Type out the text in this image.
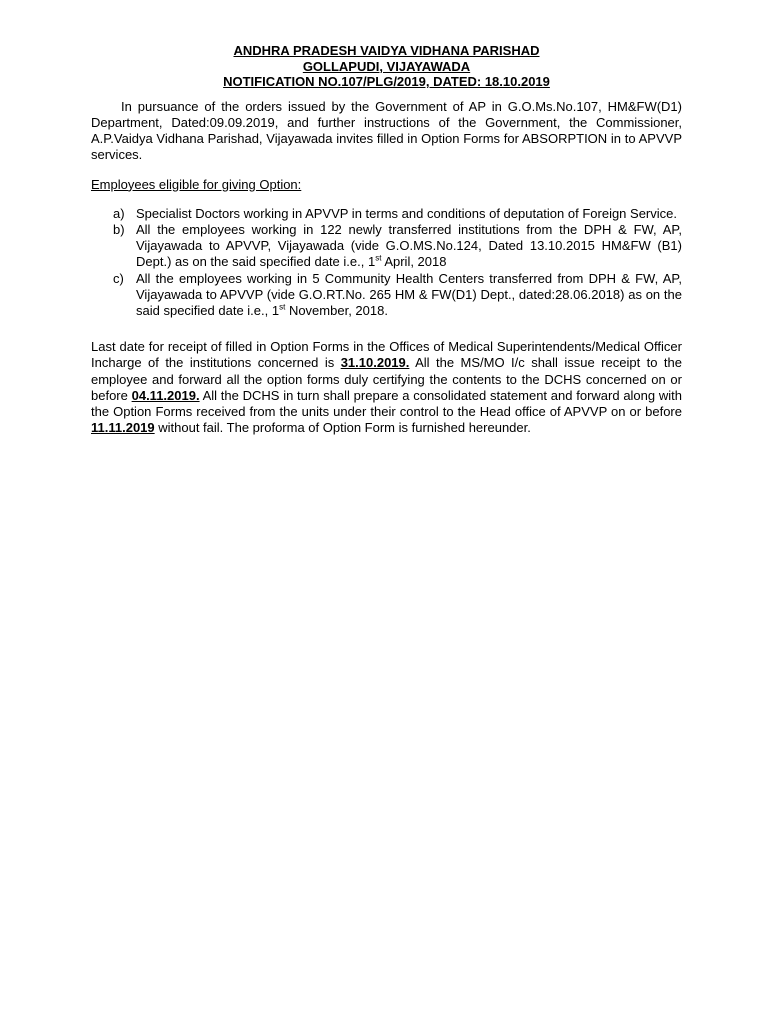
ANDHRA PRADESH VAIDYA VIDHANA PARISHAD

GOLLAPUDI, VIJAYAWADA

NOTIFICATION NO.107/PLG/2019, DATED: 18.10.2019

In pursuance of the orders issued by the Government of AP in G.O.Ms.No.107, HM&FW(D1) Department, Dated:09.09.2019, and further instructions of the Government, the Commissioner, A.P.Vaidya Vidhana Parishad, Vijayawada invites filled in Option Forms for ABSORPTION in to APVVP services.

Employees eligible for giving Option:

a) Specialist Doctors working in APVVP in terms and conditions of deputation of Foreign Service.
b) All the employees working in 122 newly transferred institutions from the DPH & FW, AP, Vijayawada to APVVP, Vijayawada (vide G.O.MS.No.124, Dated 13.10.2015 HM&FW (B1) Dept.) as on the said specified date i.e., 1st April, 2018
c) All the employees working in 5 Community Health Centers transferred from DPH & FW, AP, Vijayawada to APVVP (vide G.O.RT.No. 265 HM & FW(D1) Dept., dated:28.06.2018) as on the said specified date i.e., 1st November, 2018.

Last date for receipt of filled in Option Forms in the Offices of Medical Superintendents/Medical Officer Incharge of the institutions concerned is 31.10.2019. All the MS/MO I/c shall issue receipt to the employee and forward all the option forms duly certifying the contents to the DCHS concerned on or before 04.11.2019. All the DCHS in turn shall prepare a consolidated statement and forward along with the Option Forms received from the units under their control to the Head office of APVVP on or before 11.11.2019 without fail. The proforma of Option Form is furnished hereunder.
